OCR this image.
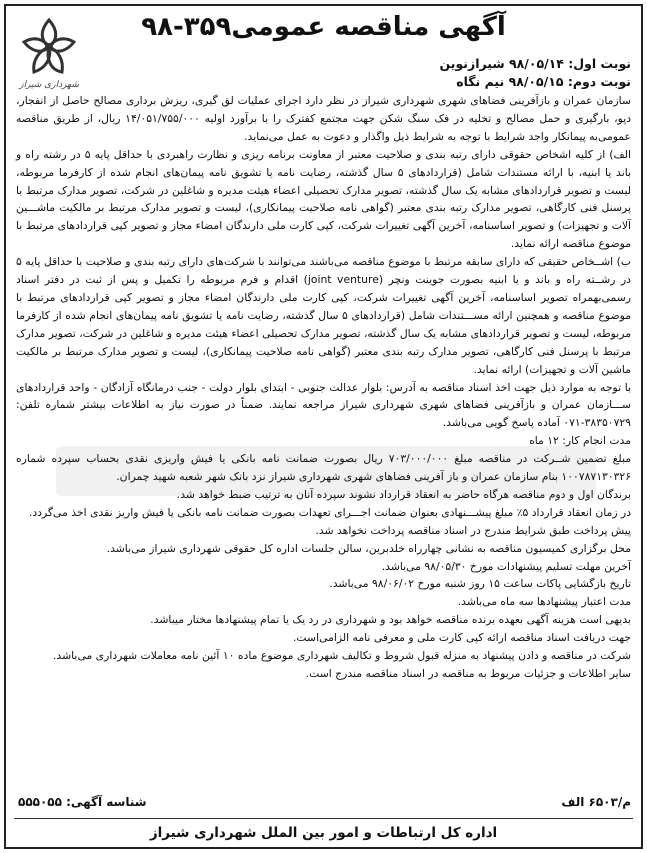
شهرداری شیراز
آگهی مناقصه عمومی۳۵۹-۹۸
نوبت اول: ۹۸/۰۵/۱۴ شیرازنوین
نوبت دوم: ۹۸/۰۵/۱۵ نیم نگاه

سازمان عمران و بازآفرینی فضاهای شهری شهرداری شیراز در نظر دارد اجرای عملیات لق گیری، ریزش برداری مصالح حاصل از انفجار، دپو، بارگیری و حمل مصالح و تخلیه در فک سنگ شکن جهت مجتمع کفترک را با برآورد اولیه ۱۴/۰۵۱/۷۵۵/۰۰۰ ریال، از طریق مناقصه عمومی‌به پیمانکار واجد شرایط با توجه به شرایط ذیل واگذار و دعوت به عمل می‌نماید.

الف) از کلیه اشخاص حقوقی دارای رتبه بندی و صلاحیت معتبر از معاونت برنامه ریزی و نظارت راهبردی با حداقل پایه ۵ در رشته راه و باند یا ابنیه، با ارائه مستندات شامل (قراردادهای ۵ سال گذشته، رضایت نامه یا تشویق نامه پیمان‌های انجام شده از کارفرما مربوطه، لیست و تصویر قراردادهای مشابه یک سال گذشته، تصویر مدارک تحصیلی اعضاء هیئت مدیره و شاغلین در شرکت، تصویر مدارک مرتبط با پرسنل فنی کارگاهی، تصویر مدارک رتبه بندی معتبر (گواهی نامه صلاحیت پیمانکاری)، لیست و تصویر مدارک مرتبط بر مالکیت ماشـــین آلات و تجهیزات) و تصویر اساسنامه، آخرین آگهی تغییرات شرکت، کپی کارت ملی دارندگان امضاء مجاز و تصویر کپی قراردادهای مرتبط با موضوع مناقصه ارائه نماید.

ب) اشــخاص حقیقی که دارای سابقه مرتبط با موضوع مناقصه می‌باشند می‌توانند با شرکت‌های دارای رتبه بندی و صلاحیت با حداقل پایه ۵ در رشــته راه و باند و یا ابنیه بصورت جوینت ونچر (joint venture) اقدام و فرم مربوطه را تکمیل و پس از ثبت در دفتر اسناد رسمی‌بهمراه تصویر اساسنامه، آخرین آگهی تغییرات شرکت، کپی کارت ملی دارندگان امضاء مجاز و تصویر کپی قراردادهای مرتبط با موضوع مناقصه و همچنین ارائه مســـتندات شامل (قراردادهای ۵ سال گذشته، رضایت نامه یا تشویق نامه پیمان‌های انجام شده از کارفرما مربوطه، لیست و تصویر قراردادهای مشابه یک سال گذشته، تصویر مدارک تحصیلی اعضاء هیئت مدیره و شاغلین در شرکت، تصویر مدارک مرتبط با پرسنل فنی کارگاهی، تصویر مدارک رتبه بندی معتبر (گواهی نامه صلاحیت پیمانکاری)، لیست و تصویر مدارک مرتبط بر مالکیت ماشین آلات و تجهیزات) ارائه نماید.

با توجه به موارد ذیل جهت اخذ اسناد مناقصه به آدرس: بلوار عدالت جنوبی - ابتدای بلوار دولت - جنب درمانگاه آزادگان - واحد قراردادهای ســـازمان عمران و بازآفرینی فضاهای شهری شهرداری شیراز مراجعه نمایند. ضمناً در صورت نیاز به اطلاعات بیشتر شماره تلفن: ۳۸۳۵۰۷۲۹-۰۷۱ آماده پاسخ گویی می‌باشد.

مدت انجام کار: ۱۲ ماه

مبلغ تضمین شــرکت در مناقصه مبلغ ۷۰۳/۰۰۰/۰۰۰ ریال بصورت ضمانت نامه بانکی یا فیش واریزی نقدی بحساب سپرده شماره ۱۰۰۷۸۷۱۳۰۳۲۶ بنام سازمان عمران و باز آفرینی فضاهای شهری شهرداری شیراز نزد بانک شهر شعبه شهید چمران.

برندگان اول و دوم مناقصه هرگاه حاضر به انعقاد قرارداد نشوند سپرده آنان به ترتیب ضبط خواهد شد.

در زمان انعقاد قرارداد ۵٪ مبلغ پیشـــنهادی بعنوان ضمانت اجـــرای تعهدات بصورت ضمانت نامه بانکی یا فیش واریز نقدی اخذ می‌گردد.

پیش پرداخت طبق شرایط مندرج در اسناد مناقصه پرداخت نخواهد شد.

محل برگزاری کمیسیون مناقصه به نشانی چهارراه خلدبرین، سالن جلسات اداره کل حقوقی شهرداری شیراز می‌باشد.

آخرین مهلت تسلیم پیشنهادات مورخ ۹۸/۰۵/۳۰ می‌باشد.

تاریخ بازگشایی پاکات ساعت ۱۵ روز شنبه مورخ ۹۸/۰۶/۰۲ می‌باشد.

مدت اعتبار پیشنهادها سه ماه می‌باشد.

بدیهی است هزینه آگهی بعهده برنده مناقصه خواهد بود و شهرداری در رد یک یا تمام پیشنهادها مختار میباشد.

جهت دریافت اسناد مناقصه ارائه کپی کارت ملی و معرفی نامه الزامی‌است.

شرکت در مناقصه و دادن پیشنهاد به منزله قبول شروط و تکالیف شهرداری موضوع ماده ۱۰ آئین نامه معاملات شهرداری می‌باشد.

سایر اطلاعات و جزئیات مربوط به مناقصه در اسناد مناقصه مندرج است.

م/۶۵۰۳ الف
شناسه آگهی: ۵۵۵۰۵۵
اداره کل ارتباطات و امور بین الملل شهرداری شیراز
